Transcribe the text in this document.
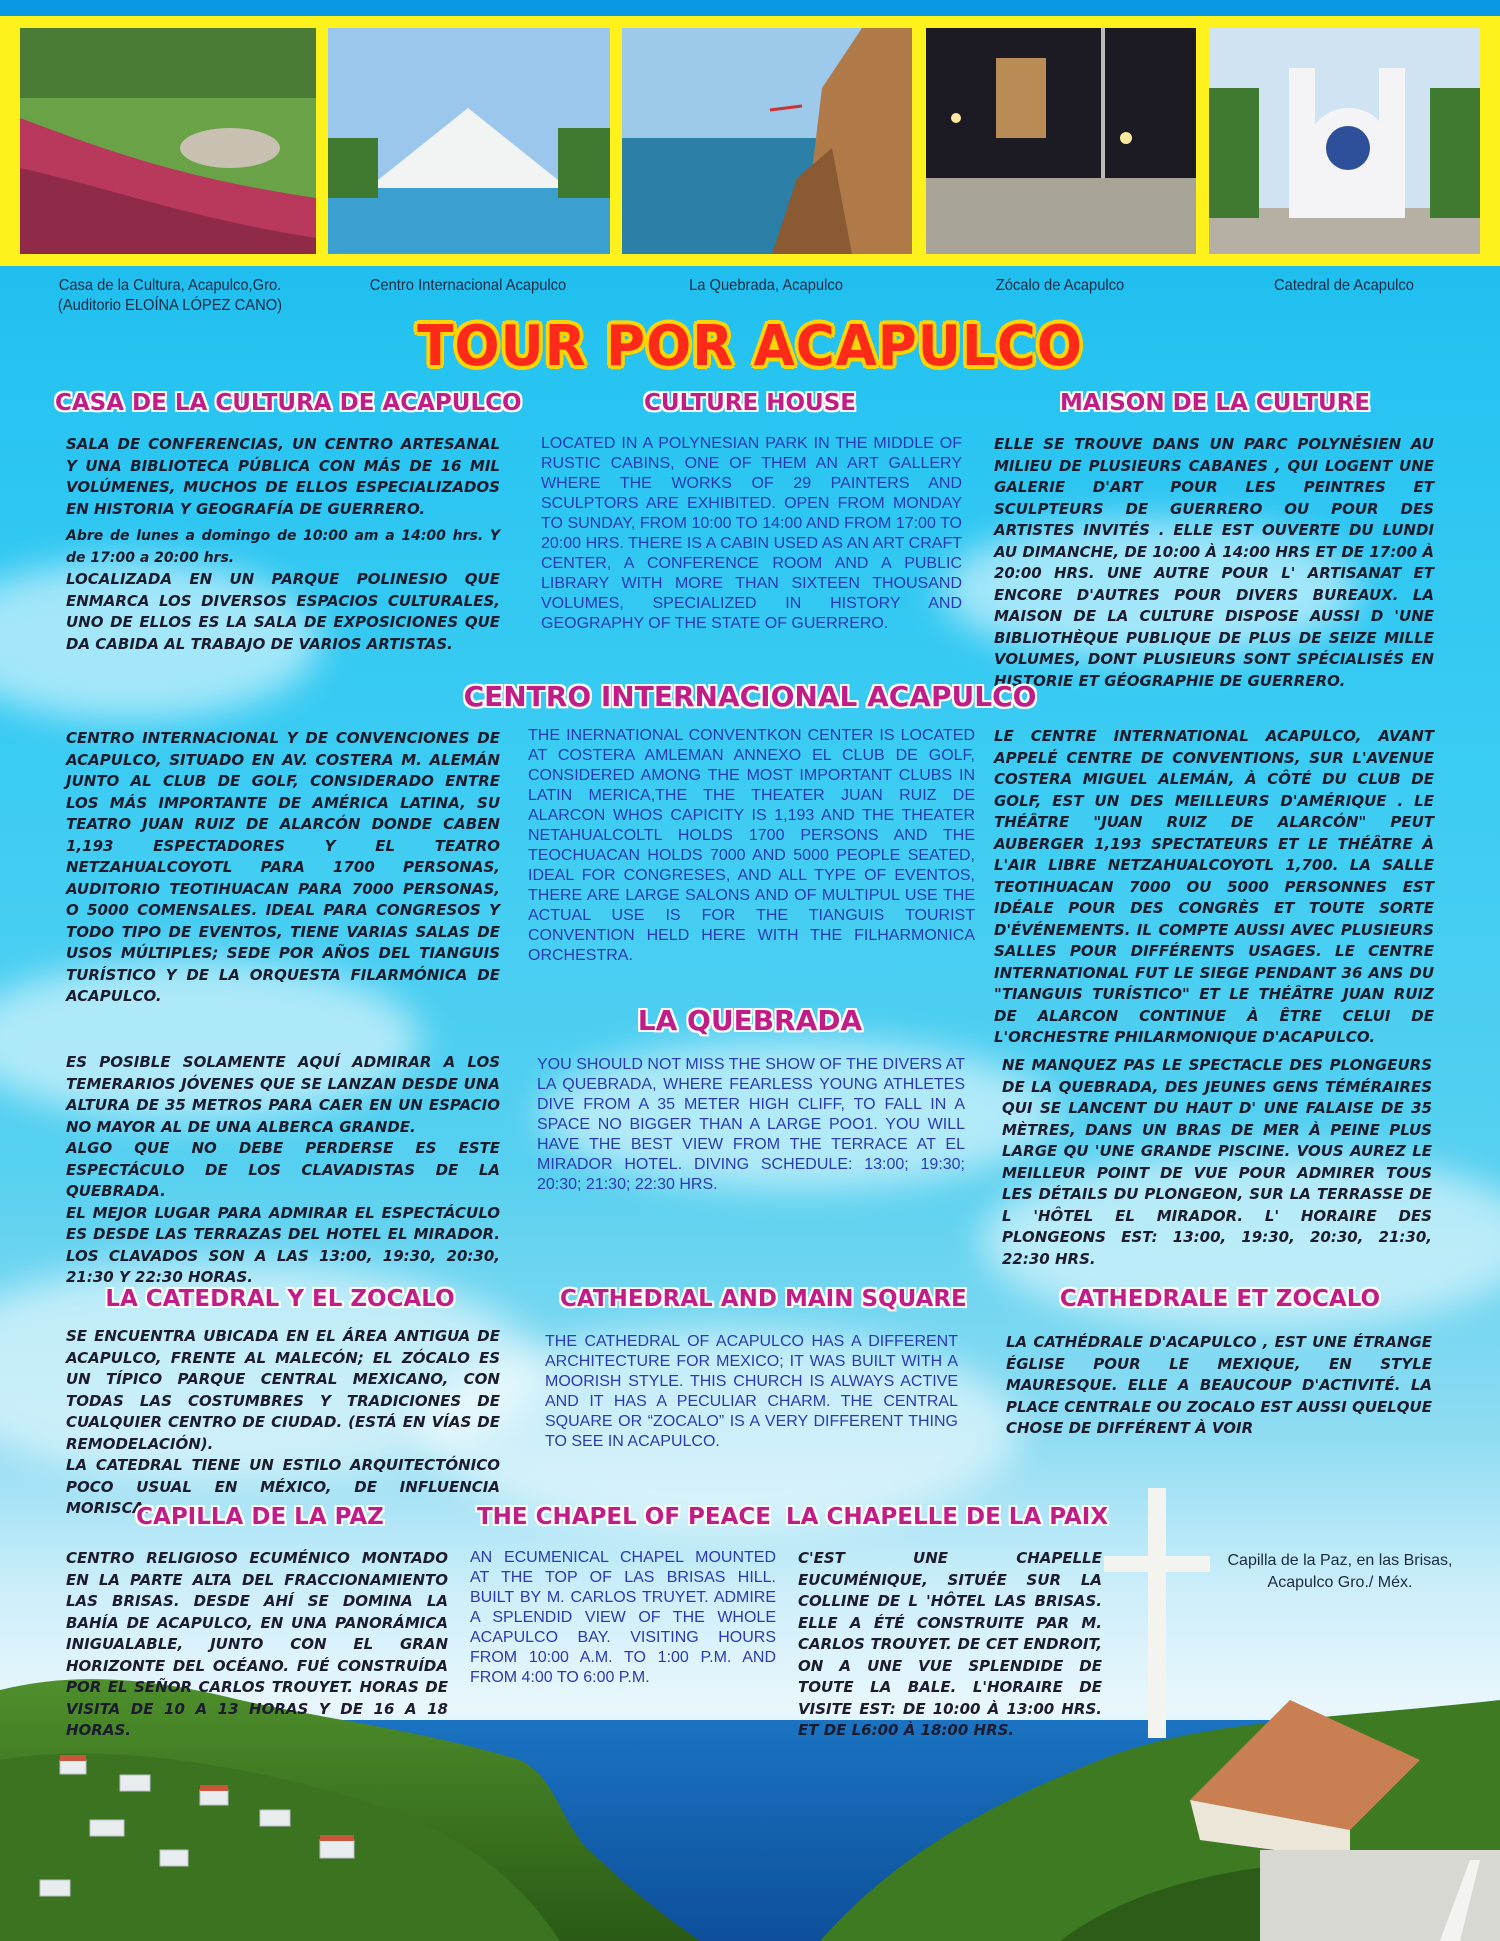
Casa de la Cultura, Acapulco,Gro.

(Auditorio ELOÍNA LÓPEZ CANO)

Centro Internacional Acapulco	La Quebrada, Acapulco	Zócalo de Acapulco	Catedral de Acapulco

TOUR POR ACAPULCO
CASA DE LA CULTURA DE ACAPULCO	CULTURE HOUSE	MAISON DE LA CULTURE

SALA DE CONFERENCIAS, UN CENTRO ARTESANAL Y UNA BIBLIOTECA PÚBLICA CON MÁS DE 16 MIL VOLÚMENES, MUCHOS DE ELLOS ESPECIALIZADOS EN HISTORIA Y GEOGRAFÍA DE GUERRERO.

Abre de lunes a domingo de 10:00 am a 14:00 hrs. Y de 17:00 a 20:00 hrs.

LOCALIZADA EN UN PARQUE POLINESIO QUE ENMARCA LOS DIVERSOS ESPACIOS CULTURALES, UNO DE ELLOS ES LA SALA DE EXPOSICIONES QUE DA CABIDA AL TRABAJO DE VARIOS ARTISTAS.

LOCATED IN A POLYNESIAN PARK IN THE MIDDLE OF RUSTIC CABINS, ONE OF THEM AN ART GALLERY WHERE THE WORKS OF 29 PAINTERS AND SCULPTORS ARE EXHIBITED. OPEN FROM MONDAY TO SUNDAY, FROM 10:00 TO 14:00 AND FROM 17:00 TO 20:00 HRS. THERE IS A CABIN USED AS AN ART CRAFT CENTER, A CONFERENCE ROOM AND A PUBLIC LIBRARY WITH MORE THAN SIXTEEN THOUSAND VOLUMES, SPECIALIZED IN HISTORY AND GEOGRAPHY OF THE STATE OF GUERRERO.
ELLE SE TROUVE DANS UN PARC POLYNÉSIEN AU MILIEU DE PLUSIEURS CABANES , QUI LOGENT UNE GALERIE D'ART POUR LES PEINTRES ET SCULPTEURS DE GUERRERO OU POUR DES ARTISTES INVITÉS . ELLE EST OUVERTE DU LUNDI AU DIMANCHE, DE 10:00 À 14:00 HRS ET DE 17:00 À 20:00 HRS. UNE AUTRE POUR L' ARTISANAT ET ENCORE D'AUTRES POUR DIVERS BUREAUX. LA MAISON DE LA CULTURE DISPOSE AUSSI D 'UNE BIBLIOTHÈQUE PUBLIQUE DE PLUS DE SEIZE MILLE VOLUMES, DONT PLUSIEURS SONT SPÉCIALISÉS EN HISTORIE ET GÉOGRAPHIE DE GUERRERO.
CENTRO INTERNACIONAL ACAPULCO
CENTRO INTERNACIONAL Y DE CONVENCIONES DE ACAPULCO, SITUADO EN AV. COSTERA M. ALEMÁN JUNTO AL CLUB DE GOLF, CONSIDERADO ENTRE LOS MÁS IMPORTANTE DE AMÉRICA LATINA, SU TEATRO JUAN RUIZ DE ALARCÓN DONDE CABEN 1,193 ESPECTADORES Y EL TEATRO NETZAHUALCOYOTL PARA 1700 PERSONAS, AUDITORIO TEOTIHUACAN PARA 7000 PERSONAS, O 5000 COMENSALES. IDEAL PARA CONGRESOS Y TODO TIPO DE EVENTOS, TIENE VARIAS SALAS DE USOS MÚLTIPLES; SEDE POR AÑOS DEL TIANGUIS TURÍSTICO Y DE LA ORQUESTA FILARMÓNICA DE ACAPULCO.
THE INERNATIONAL CONVENTKON CENTER IS LOCATED AT COSTERA AMLEMAN ANNEXO EL CLUB DE GOLF, CONSIDERED AMONG THE MOST IMPORTANT CLUBS IN LATIN MERICA,THE THE THEATER JUAN RUIZ DE ALARCON WHOS CAPICITY IS 1,193 AND THE THEATER NETAHUALCOLTL HOLDS 1700 PERSONS AND THE TEOCHUACAN HOLDS 7000 AND 5000 PEOPLE SEATED, IDEAL FOR CONGRESES, AND ALL TYPE OF EVENTOS, THERE ARE LARGE SALONS AND OF MULTIPUL USE THE ACTUAL USE IS FOR THE TIANGUIS TOURIST CONVENTION HELD HERE WITH THE FILHARMONICA ORCHESTRA.
LE CENTRE INTERNATIONAL ACAPULCO, AVANT APPELÉ CENTRE DE CONVENTIONS, SUR L'AVENUE COSTERA MIGUEL ALEMÁN, À CÔTÉ DU CLUB DE GOLF, EST UN DES MEILLEURS D'AMÉRIQUE . LE THÉÂTRE "JUAN RUIZ DE ALARCÓN" PEUT AUBERGER 1,193 SPECTATEURS ET LE THÉÂTRE À L'AIR LIBRE NETZAHUALCOYOTL 1,700. LA SALLE TEOTIHUACAN 7000 OU 5000 PERSONNES EST IDÉALE POUR DES CONGRÈS ET TOUTE SORTE D'ÉVÉNEMENTS. IL COMPTE AUSSI AVEC PLUSIEURS SALLES POUR DIFFÉRENTS USAGES. LE CENTRE INTERNATIONAL FUT LE SIEGE PENDANT 36 ANS DU "TIANGUIS TURÍSTICO" ET LE THÉÂTRE JUAN RUIZ DE ALARCON CONTINUE À ÊTRE CELUI DE L'ORCHESTRE PHILARMONIQUE D'ACAPULCO.
LA QUEBRADA

ES POSIBLE SOLAMENTE AQUÍ ADMIRAR A LOS TEMERARIOS JÓVENES QUE SE LANZAN DESDE UNA ALTURA DE 35 METROS PARA CAER EN UN ESPACIO NO MAYOR AL DE UNA ALBERCA GRANDE.

ALGO QUE NO DEBE PERDERSE ES ESTE ESPECTÁCULO DE LOS CLAVADISTAS DE LA QUEBRADA.

EL MEJOR LUGAR PARA ADMIRAR EL ESPECTÁCULO ES DESDE LAS TERRAZAS DEL HOTEL EL MIRADOR. LOS CLAVADOS SON A LAS 13:00, 19:30, 20:30, 21:30 Y 22:30 HORAS.

YOU SHOULD NOT MISS THE SHOW OF THE DIVERS AT LA QUEBRADA, WHERE FEARLESS YOUNG ATHLETES DIVE FROM A 35 METER HIGH CLIFF, TO FALL IN A SPACE NO BIGGER THAN A LARGE POO1. YOU WILL HAVE THE BEST VIEW FROM THE TERRACE AT EL MIRADOR HOTEL. DIVING SCHEDULE: 13:00; 19:30; 20:30; 21:30; 22:30 HRS.
NE MANQUEZ PAS LE SPECTACLE DES PLONGEURS DE LA QUEBRADA, DES JEUNES GENS TÉMÉRAIRES QUI SE LANCENT DU HAUT D' UNE FALAISE DE 35 MÈTRES, DANS UN BRAS DE MER À PEINE PLUS LARGE QU 'UNE GRANDE PISCINE. VOUS AUREZ LE MEILLEUR POINT DE VUE POUR ADMIRER TOUS LES DÉTAILS DU PLONGEON, SUR LA TERRASSE DE L 'HÔTEL EL MIRADOR. L' HORAIRE DES PLONGEONS EST: 13:00, 19:30, 20:30, 21:30, 22:30 HRS.
LA CATEDRAL Y EL ZOCALO	CATHEDRAL AND MAIN SQUARE	CATHEDRALE ET ZOCALO

SE ENCUENTRA UBICADA EN EL ÁREA ANTIGUA DE ACAPULCO, FRENTE AL MALECÓN; EL ZÓCALO ES UN TÍPICO PARQUE CENTRAL MEXICANO, CON TODAS LAS COSTUMBRES Y TRADICIONES DE CUALQUIER CENTRO DE CIUDAD. (ESTÁ EN VÍAS DE REMODELACIÓN).

LA CATEDRAL TIENE UN ESTILO ARQUITECTÓNICO POCO USUAL EN MÉXICO, DE INFLUENCIA MORISCA.

THE CATHEDRAL OF ACAPULCO HAS A DIFFERENT ARCHITECTURE FOR MEXICO; IT WAS BUILT WITH A MOORISH STYLE. THIS CHURCH IS ALWAYS ACTIVE AND IT HAS A PECULIAR CHARM. THE CENTRAL SQUARE OR “ZOCALO” IS A VERY DIFFERENT THING TO SEE IN ACAPULCO.
LA CATHÉDRALE D'ACAPULCO , EST UNE ÉTRANGE ÉGLISE POUR LE MEXIQUE, EN STYLE MAURESQUE. ELLE A BEAUCOUP D'ACTIVITÉ. LA PLACE CENTRALE OU ZOCALO EST AUSSI QUELQUE CHOSE DE DIFFÉRENT À VOIR
CAPILLA DE LA PAZ	THE CHAPEL OF PEACE LA CHAPELLE DE LA PAIX
CENTRO RELIGIOSO ECUMÉNICO MONTADO EN LA PARTE ALTA DEL FRACCIONAMIENTO LAS BRISAS. DESDE AHÍ SE DOMINA LA BAHÍA DE ACAPULCO, EN UNA PANORÁMICA INIGUALABLE, JUNTO CON EL GRAN HORIZONTE DEL OCÉANO. FUÉ CONSTRUÍDA POR EL SEÑOR CARLOS TROUYET. HORAS DE VISITA DE 10 A 13 HORAS Y DE 16 A 18 HORAS.
AN ECUMENICAL CHAPEL MOUNTED AT THE TOP OF LAS BRISAS HILL. BUILT BY M. CARLOS TRUYET. ADMIRE A SPLENDID VIEW OF THE WHOLE ACAPULCO BAY. VISITING HOURS FROM 10:00 A.M. TO 1:00 P.M. AND FROM 4:00 TO 6:00 P.M.
C'EST UNE CHAPELLE EUCUMÉNIQUE, SITUÉE SUR LA COLLINE DE L 'HÔTEL LAS BRISAS. ELLE A ÉTÉ CONSTRUITE PAR M. CARLOS TROUYET. DE CET ENDROIT, ON A UNE VUE SPLENDIDE DE TOUTE LA BALE. L'HORAIRE DE VISITE EST: DE 10:00 À 13:00 HRS. ET DE L6:00 À 18:00 HRS.

Capilla de la Paz, en las Brisas,

Acapulco Gro./ Méx.
